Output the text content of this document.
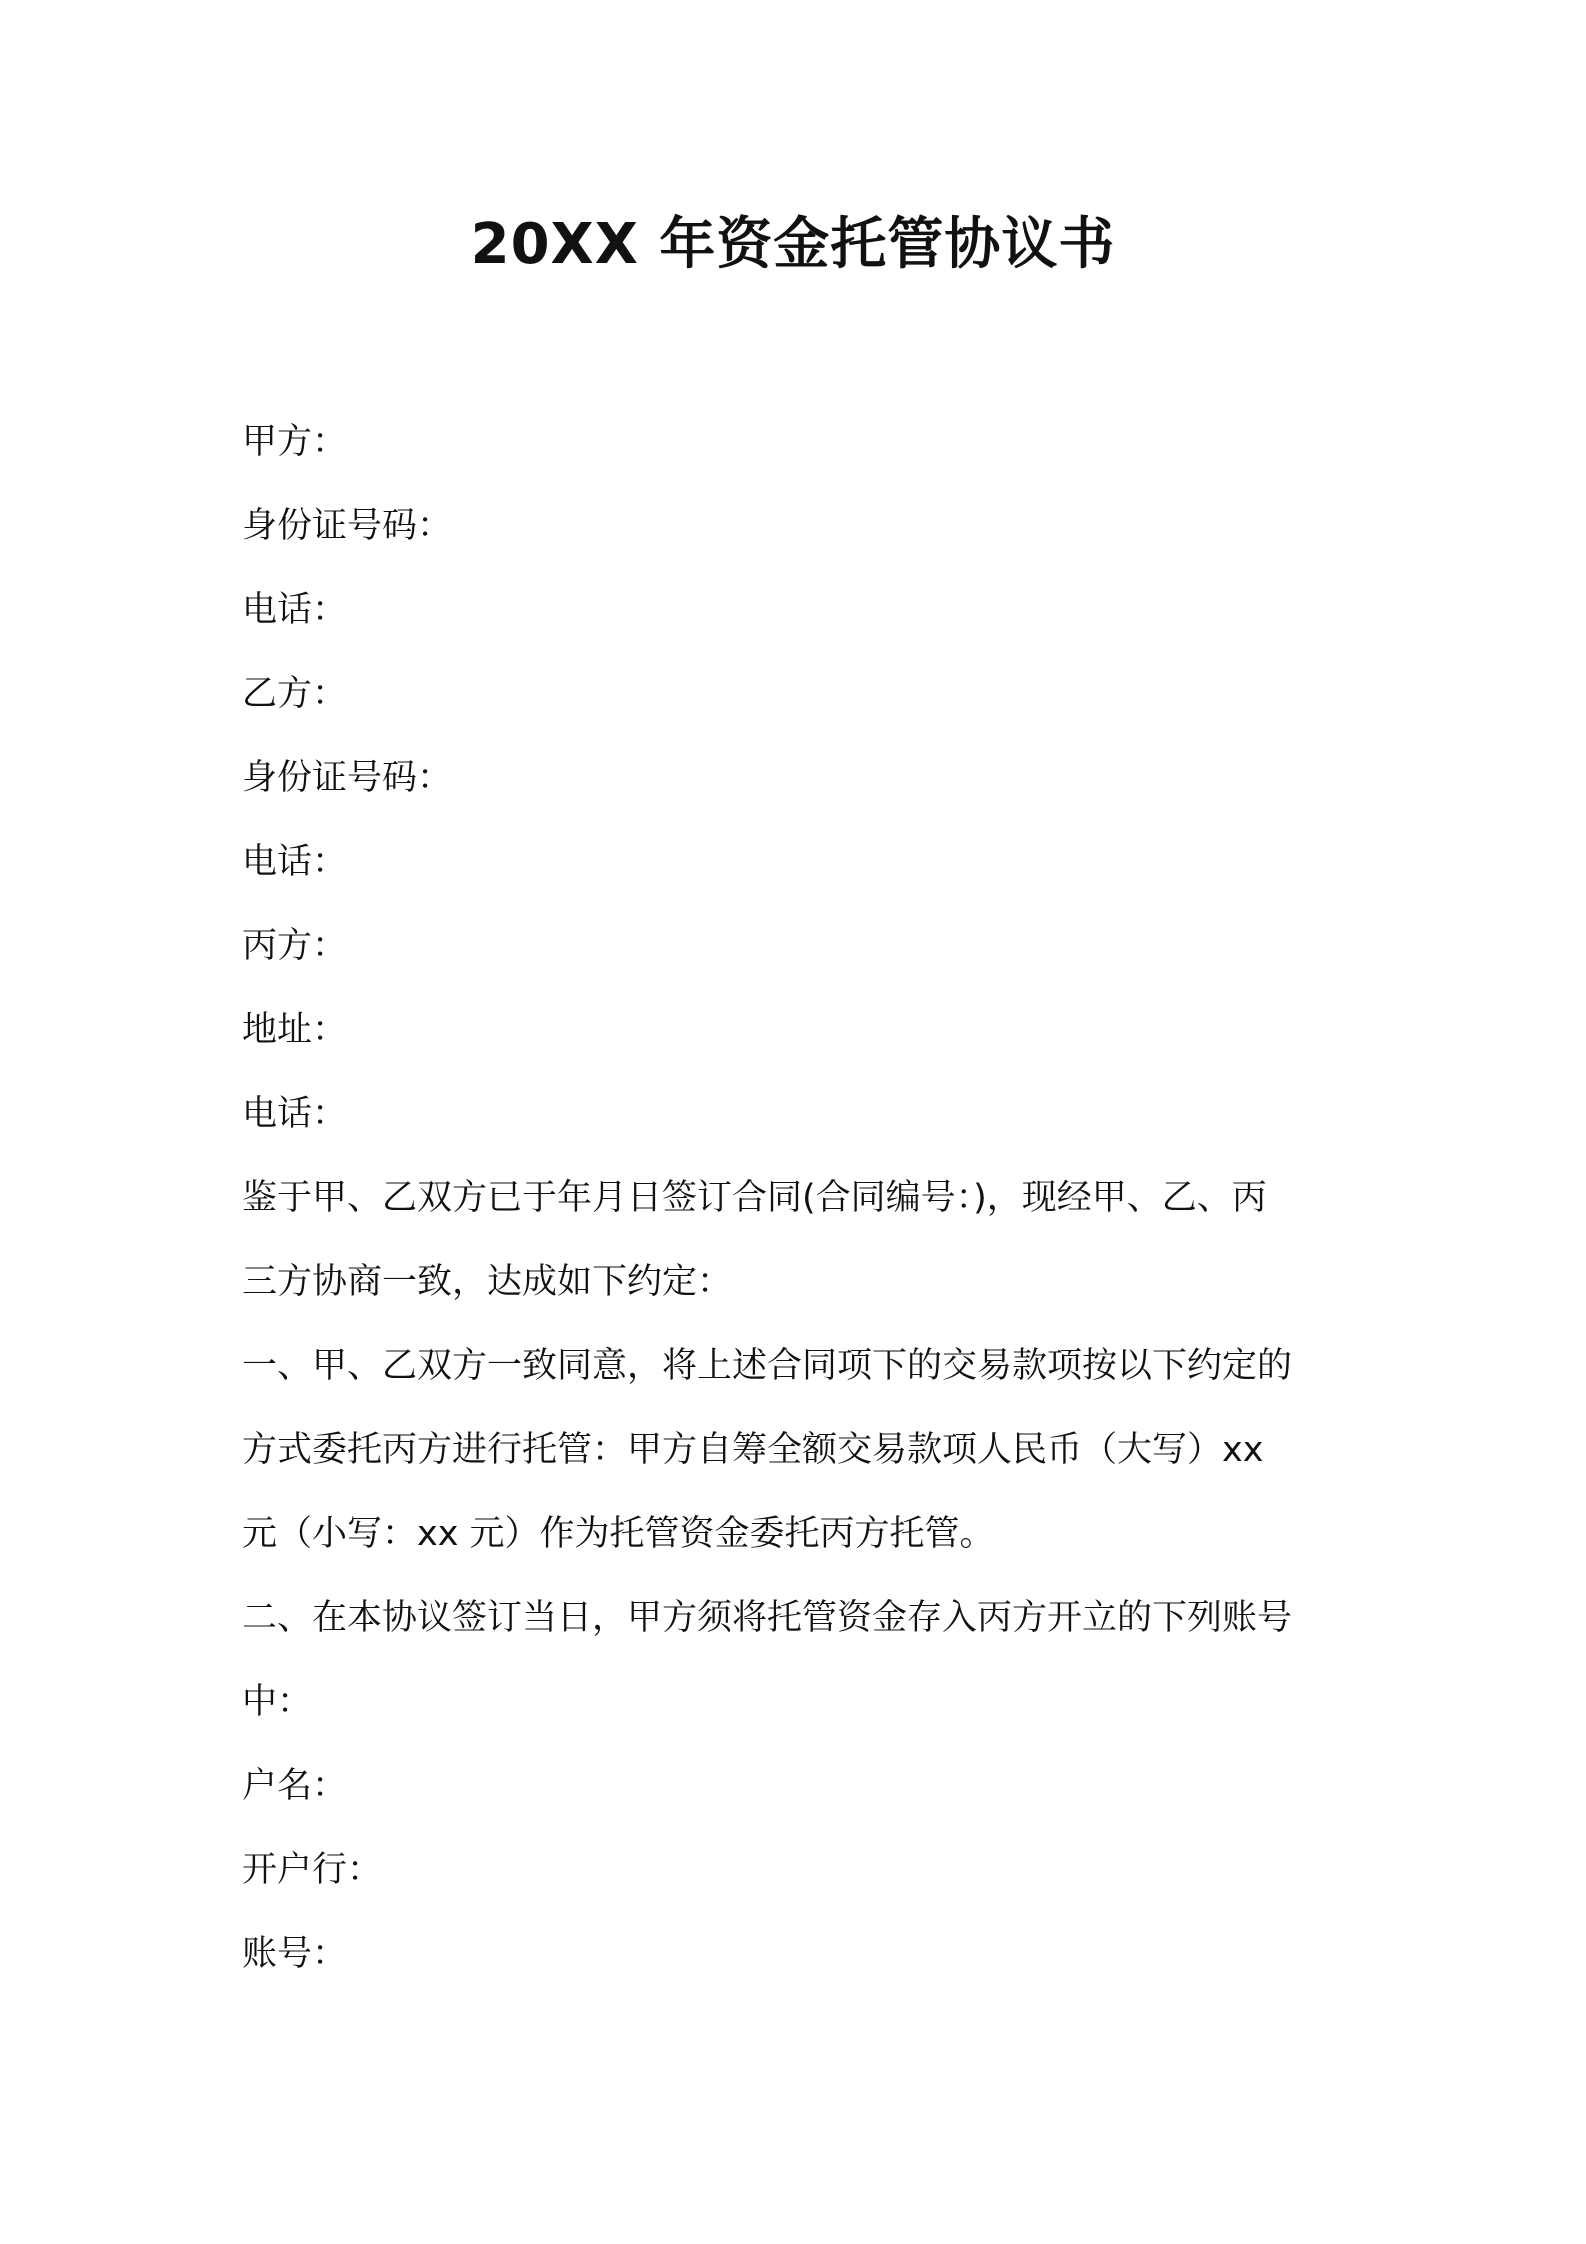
20XX 年资金托管协议书

甲方：

身份证号码：

电话：

乙方：

身份证号码：

电话：

丙方：

地址：

电话：

鉴于甲、乙双方已于年月日签订合同(合同编号：)，现经甲、乙、丙

三方协商一致，达成如下约定：

一、甲、乙双方一致同意，将上述合同项下的交易款项按以下约定的

方式委托丙方进行托管：甲方自筹全额交易款项人民币（大写）xx

元（小写：xx 元）作为托管资金委托丙方托管。

二、在本协议签订当日，甲方须将托管资金存入丙方开立的下列账号

中：

户名：

开户行：

账号：
